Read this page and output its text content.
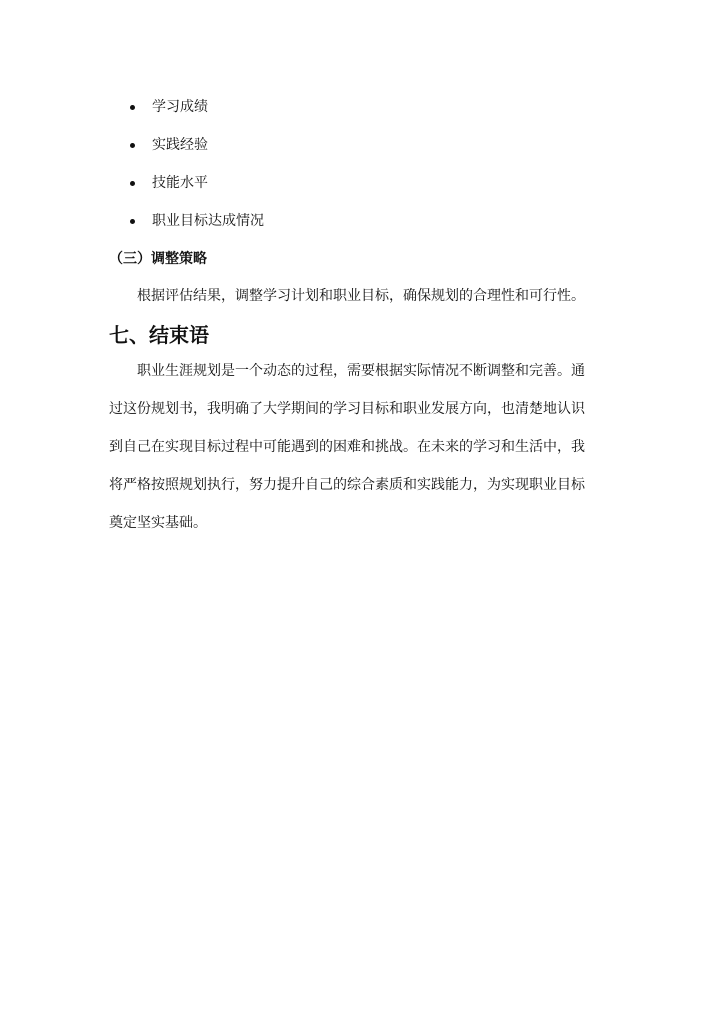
学习成绩
实践经验
技能水平
职业目标达成情况
（三）调整策略
根据评估结果，调整学习计划和职业目标，确保规划的合理性和可行性。
七、结束语
职业生涯规划是一个动态的过程，需要根据实际情况不断调整和完善。通
过这份规划书，我明确了大学期间的学习目标和职业发展方向，也清楚地认识
到自己在实现目标过程中可能遇到的困难和挑战。在未来的学习和生活中，我
将严格按照规划执行，努力提升自己的综合素质和实践能力，为实现职业目标
奠定坚实基础。
